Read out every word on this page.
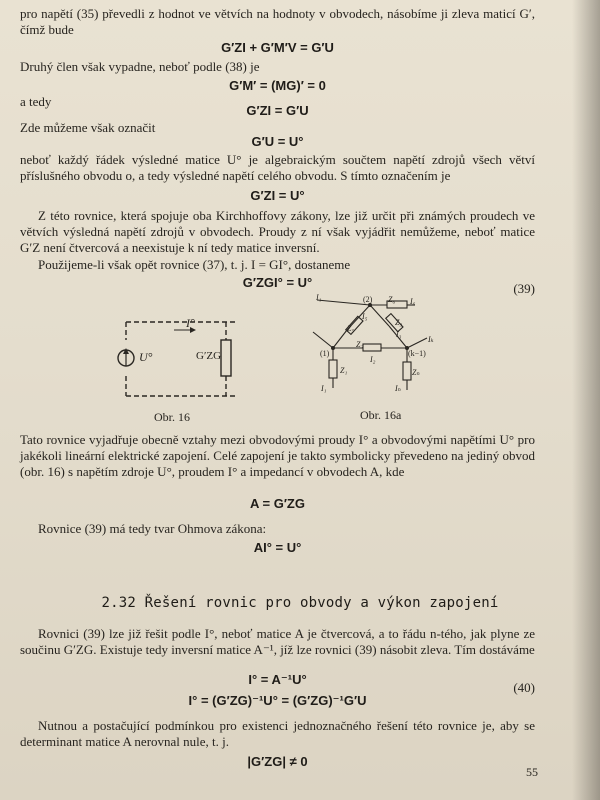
pro napětí (35) převedli z hodnot ve větvích na hodnoty v obvodech, násobíme ji zleva maticí G′, čímž bude
G′ZI + G′M′V = G′U
Druhý člen však vypadne, neboť podle (38) je
G′M′ = (MG)′ = 0
a tedy
G′ZI = G′U
Zde můžeme však označit
G′U = U°
neboť každý řádek výsledné matice U° je algebraickým součtem napětí zdrojů všech větví příslušného obvodu o, a tedy výsledné napětí celého obvodu. S tímto označením je
G′ZI = U°
Z této rovnice, která spojuje oba Kirchhoffovy zákony, lze již určit při známých proudech ve větvích výsledná napětí zdrojů v obvodech. Proudy z ní však vyjádřit nemůžeme, neboť matice G′Z není čtvercová a neexistuje k ní tedy matice inversní.
Použijeme-li však opět rovnice (37), t. j. I = GI°, dostaneme
G′ZGI° = U°	(39)
I°
U°	G′ZG
Obr. 16
I₁	(2) Z₆ I₆
I₅
Z₅
Z₃
I₃
(1)
Z₂
I₂
(k−1)
Iₖ
Z₁
I₁
Zₙ
Iₙ
Obr. 16a
Tato rovnice vyjadřuje obecně vztahy mezi obvodovými proudy I° a obvodovými napětími U° pro jakékoli lineární elektrické zapojení. Celé zapojení je takto symbolicky převedeno na jediný obvod (obr. 16) s napětím zdroje U°, proudem I° a impedancí v obvodech A, kde
A = G′ZG
Rovnice (39) má tedy tvar Ohmova zákona:
AI° = U°
2.32 Řešení rovnic pro obvody a výkon zapojení
Rovnici (39) lze již řešit podle I°, neboť matice A je čtvercová, a to řádu n-tého, jak plyne ze součinu G′ZG. Existuje tedy inversní matice A⁻¹, jíž lze rovnici (39) násobit zleva. Tím dostáváme
I° = A⁻¹U°
(40)
I° = (G′ZG)⁻¹U° = (G′ZG)⁻¹G′U
Nutnou a postačující podmínkou pro existenci jednoznačného řešení této rovnice je, aby se determinant matice A nerovnal nule, t. j.
|G′ZG| ≠ 0
55
